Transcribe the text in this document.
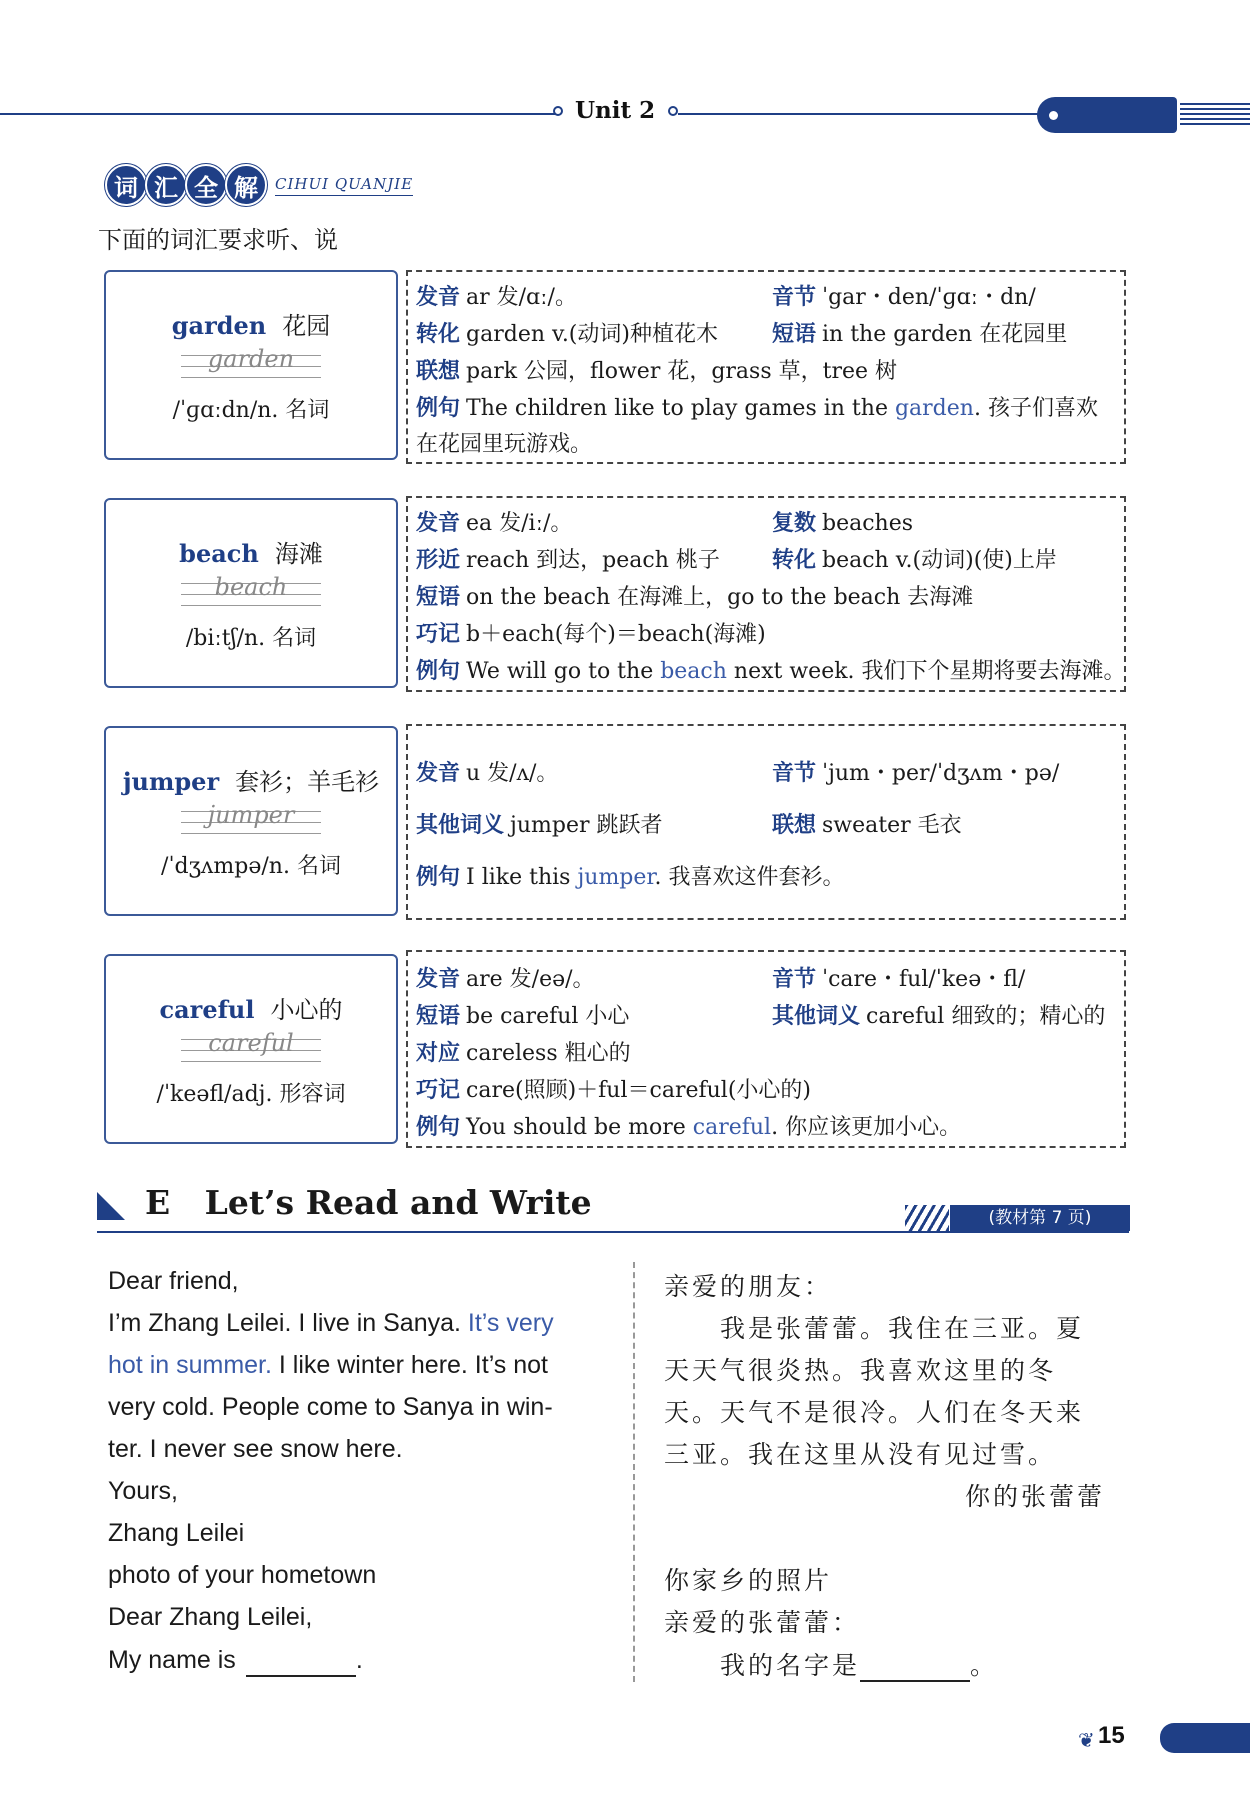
Unit 2
词 汇 全 解	CIHUI QUANJIE
下面的词汇要求听、说
garden 花园
garden
/ˈɡɑːdn/n. 名词
发音 ar 发/ɑː/。	音节 ˈgar・den/ˈɡɑː・dn/
转化 garden v.(动词)种植花木 短语 in the garden 在花园里
联想 park 公园，flower 花，grass 草，tree 树
例句 The children like to play games in the garden. 孩子们喜欢
在花园里玩游戏。
beach 海滩
beach
/biːtʃ/n. 名词
发音 ea 发/iː/。	复数 beaches
形近 reach 到达，peach 桃子 转化 beach v.(动词)(使)上岸
短语 on the beach 在海滩上，go to the beach 去海滩
巧记 b＋each(每个)＝beach(海滩)
例句 We will go to the beach next week. 我们下个星期将要去海滩。
jumper 套衫；羊毛衫
jumper
/ˈdʒʌmpə/n. 名词
发音 u 发/ʌ/。	音节 ˈjum・per/ˈdʒʌm・pə/
其他词义 jumper 跳跃者	联想 sweater 毛衣
例句 I like this jumper. 我喜欢这件套衫。
careful 小心的
careful
/ˈkeəfl/adj. 形容词
发音 are 发/eə/。	音节 ˈcare・ful/ˈkeə・fl/
短语 be careful 小心	其他词义 careful 细致的；精心的
对应 careless 粗心的
巧记 care(照顾)＋ful＝careful(小心的)
例句 You should be more careful. 你应该更加小心。
E Let’s Read and Write	(教材第 7 页)
Dear friend,
I’m Zhang Leilei. I live in Sanya. It’s very
hot in summer. I like winter here. It’s not
very cold. People come to Sanya in win-
ter. I never see snow here.
Yours,
Zhang Leilei
photo of your hometown
Dear Zhang Leilei,
My name is	.
亲爱的朋友：
我是张蕾蕾。我住在三亚。夏
天天气很炎热。我喜欢这里的冬
天。天气不是很冷。人们在冬天来
三亚。我在这里从没有见过雪。
你的张蕾蕾
你家乡的照片
亲爱的张蕾蕾：
我的名字是	。
❦ 15
